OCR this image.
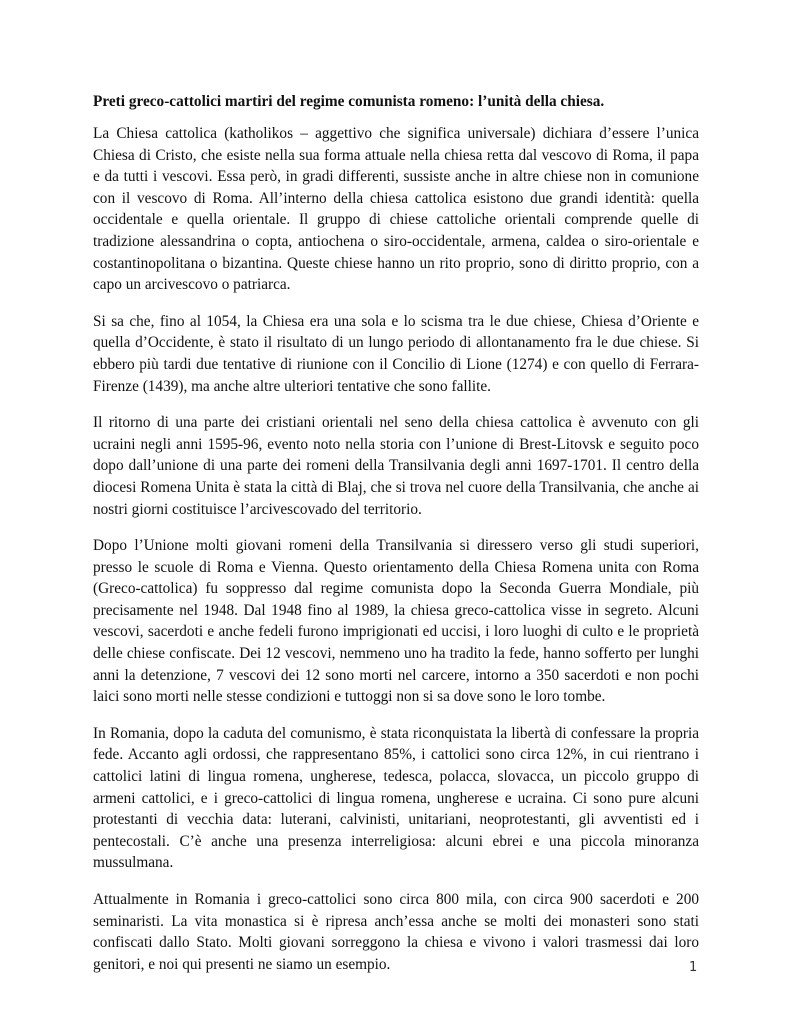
Preti greco-cattolici martiri del regime comunista romeno: l’unità della chiesa.

La Chiesa cattolica (katholikos – aggettivo che significa universale) dichiara d’essere l’unica Chiesa di Cristo, che esiste nella sua forma attuale nella chiesa retta dal vescovo di Roma, il papa e da tutti i vescovi. Essa però, in gradi differenti, sussiste anche in altre chiese non in comunione con il vescovo di Roma. All’interno della chiesa cattolica esistono due grandi identità: quella occidentale e quella orientale. Il gruppo di chiese cattoliche orientali comprende quelle di tradizione alessandrina o copta, antiochena o siro-occidentale, armena, caldea o siro-orientale e costantinopolitana o bizantina. Queste chiese hanno un rito proprio, sono di diritto proprio, con a capo un arcivescovo o patriarca.

Si sa che, fino al 1054, la Chiesa era una sola e lo scisma tra le due chiese, Chiesa d’Oriente e quella d’Occidente, è stato il risultato di un lungo periodo di allontanamento fra le due chiese. Si ebbero più tardi due tentative di riunione con il Concilio di Lione (1274) e con quello di Ferrara-Firenze (1439), ma anche altre ulteriori tentative che sono fallite.

Il ritorno di una parte dei cristiani orientali nel seno della chiesa cattolica è avvenuto con gli ucraini negli anni 1595-96, evento noto nella storia con l’unione di Brest-Litovsk e seguito poco dopo dall’unione di una parte dei romeni della Transilvania degli anni 1697-1701. Il centro della diocesi Romena Unita è stata la città di Blaj, che si trova nel cuore della Transilvania, che anche ai nostri giorni costituisce l’arcivescovado del territorio.

Dopo l’Unione molti giovani romeni della Transilvania si diressero verso gli studi superiori, presso le scuole di Roma e Vienna. Questo orientamento della Chiesa Romena unita con Roma (Greco-cattolica) fu soppresso dal regime comunista dopo la Seconda Guerra Mondiale, più precisamente nel 1948. Dal 1948 fino al 1989, la chiesa greco-cattolica visse in segreto. Alcuni vescovi, sacerdoti e anche fedeli furono imprigionati ed uccisi, i loro luoghi di culto e le proprietà delle chiese confiscate. Dei 12 vescovi, nemmeno uno ha tradito la fede, hanno sofferto per lunghi anni la detenzione, 7 vescovi dei 12 sono morti nel carcere, intorno a 350 sacerdoti e non pochi laici sono morti nelle stesse condizioni e tuttoggi non si sa dove sono le loro tombe.

In Romania, dopo la caduta del comunismo, è stata riconquistata la libertà di confessare la propria fede. Accanto agli ordossi, che rappresentano 85%, i cattolici sono circa 12%, in cui rientrano i cattolici latini di lingua romena, ungherese, tedesca, polacca, slovacca, un piccolo gruppo di armeni cattolici, e i greco-cattolici di lingua romena, ungherese e ucraina. Ci sono pure alcuni protestanti di vecchia data: luterani, calvinisti, unitariani, neoprotestanti, gli avventisti ed i pentecostali. C’è anche una presenza interreligiosa: alcuni ebrei e una piccola minoranza mussulmana.

Attualmente in Romania i greco-cattolici sono circa 800 mila, con circa 900 sacerdoti e 200 seminaristi. La vita monastica si è ripresa anch’essa anche se molti dei monasteri sono stati confiscati dallo Stato. Molti giovani sorreggono la chiesa e vivono i valori trasmessi dai loro genitori, e noi qui presenti ne siamo un esempio.	1
